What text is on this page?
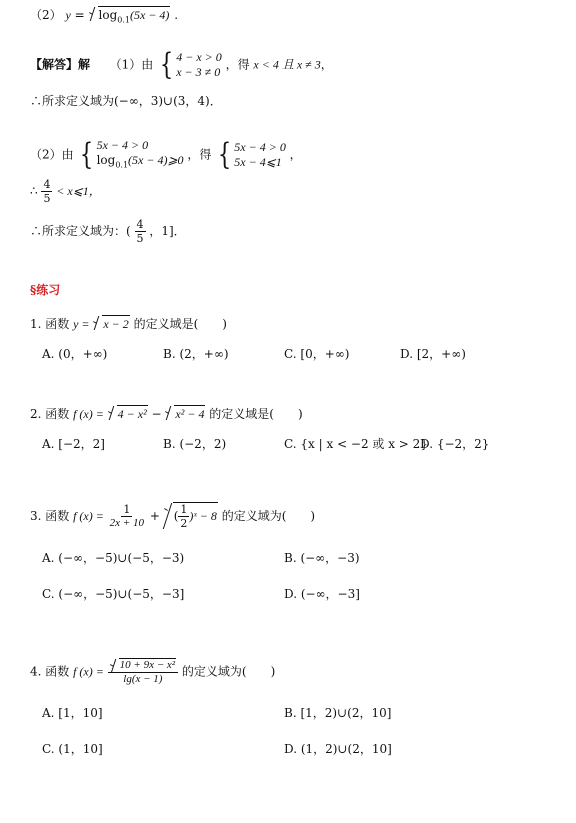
（2） $y = \log_{0.1}(5x - 4)$ .
【解答】解 （1）由 { 4 − x > 0
x − 3 ≠ 0
，得 x < 4 且 x ≠ 3，
∴所求定义域为(−∞，3)∪(3，4)．
（2）由 { 5x − 4 > 0
$\log_{0.1}(5x$ − 4)⩾0 ，得 { 5x − 4 > 0
5x − 4⩽1
，
∴ $\frac{4}{5}$ < x⩽1，
∴所求定义域为：( $\frac{4}{5}$ ，1]．
§练习
1. 函数 y = x − 2 的定义域是(　　)
A. (0，+∞)	B. (2，+∞)	C. [0，+∞)	D. [2，+∞)
2. 函数 f (x) = 4 − x² − x² − 4 的定义域是(　　)
A. [−2，2]	B. (−2，2)	C. {x | x < −2 或 x > 2}
D. {−2，2}
3. 函数 f $(x) = \frac{1}{2x + 10}$ + ( $\frac{1}{2}$ )ˣ − 8 的定义域为(　　)
A. (−∞，−5)∪(−5，−3)	B. (−∞，−3)
C. (−∞，−5)∪(−5，−3]	D. (−∞，−3]
4. 函数 f $(x) = \frac{\text{10 + 9x − x²}}{\lg(x - 1)}$ 的定义域为(　　)
A. [1，10]	B. [1，2)∪(2，10]
C. (1，10]	D. (1，2)∪(2，10]
